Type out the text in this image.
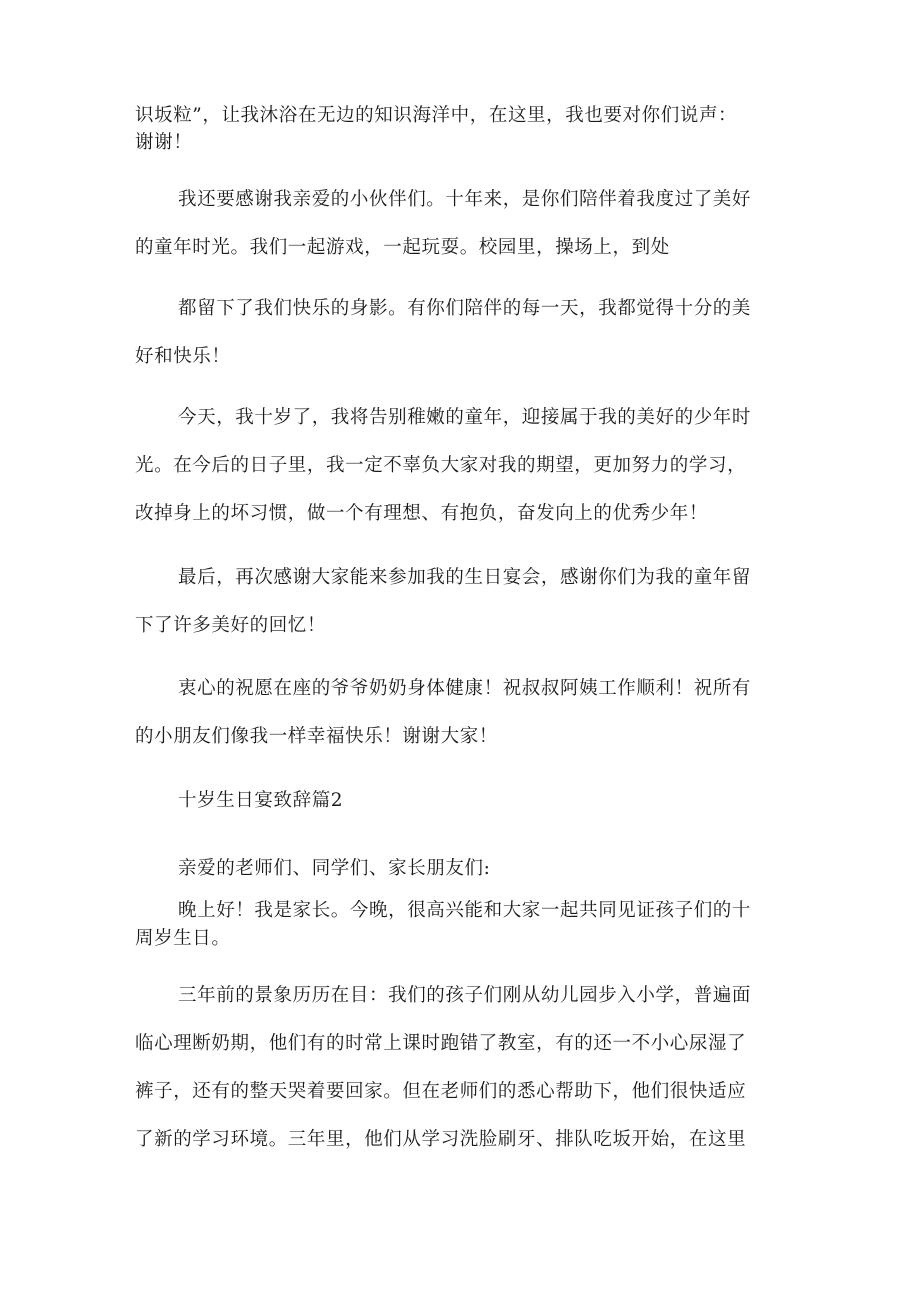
识坂粒”，让我沐浴在无边的知识海洋中，在这里，我也要对你们说声：
谢谢！
我还要感谢我亲爱的小伙伴们。十年来，是你们陪伴着我度过了美好
的童年时光。我们一起游戏，一起玩耍。校园里，操场上，到处
都留下了我们快乐的身影。有你们陪伴的每一天，我都觉得十分的美
好和快乐！
今天，我十岁了，我将告别稚嫩的童年，迎接属于我的美好的少年时
光。在今后的日子里，我一定不辜负大家对我的期望，更加努力的学习，
改掉身上的坏习惯，做一个有理想、有抱负，奋发向上的优秀少年！
最后，再次感谢大家能来参加我的生日宴会，感谢你们为我的童年留
下了许多美好的回忆！
衷心的祝愿在座的爷爷奶奶身体健康！祝叔叔阿姨工作顺利！祝所有
的小朋友们像我一样幸福快乐！谢谢大家！
十岁生日宴致辞篇2
亲爱的老师们、同学们、家长朋友们:
晚上好！我是家长。今晚，很高兴能和大家一起共同见证孩子们的十
周岁生日。
三年前的景象历历在目：我们的孩子们刚从幼儿园步入小学，普遍面
临心理断奶期，他们有的时常上课时跑错了教室，有的还一不小心尿湿了
裤子，还有的整天哭着要回家。但在老师们的悉心帮助下，他们很快适应
了新的学习环境。三年里，他们从学习洗脸刷牙、排队吃坂开始，在这里
